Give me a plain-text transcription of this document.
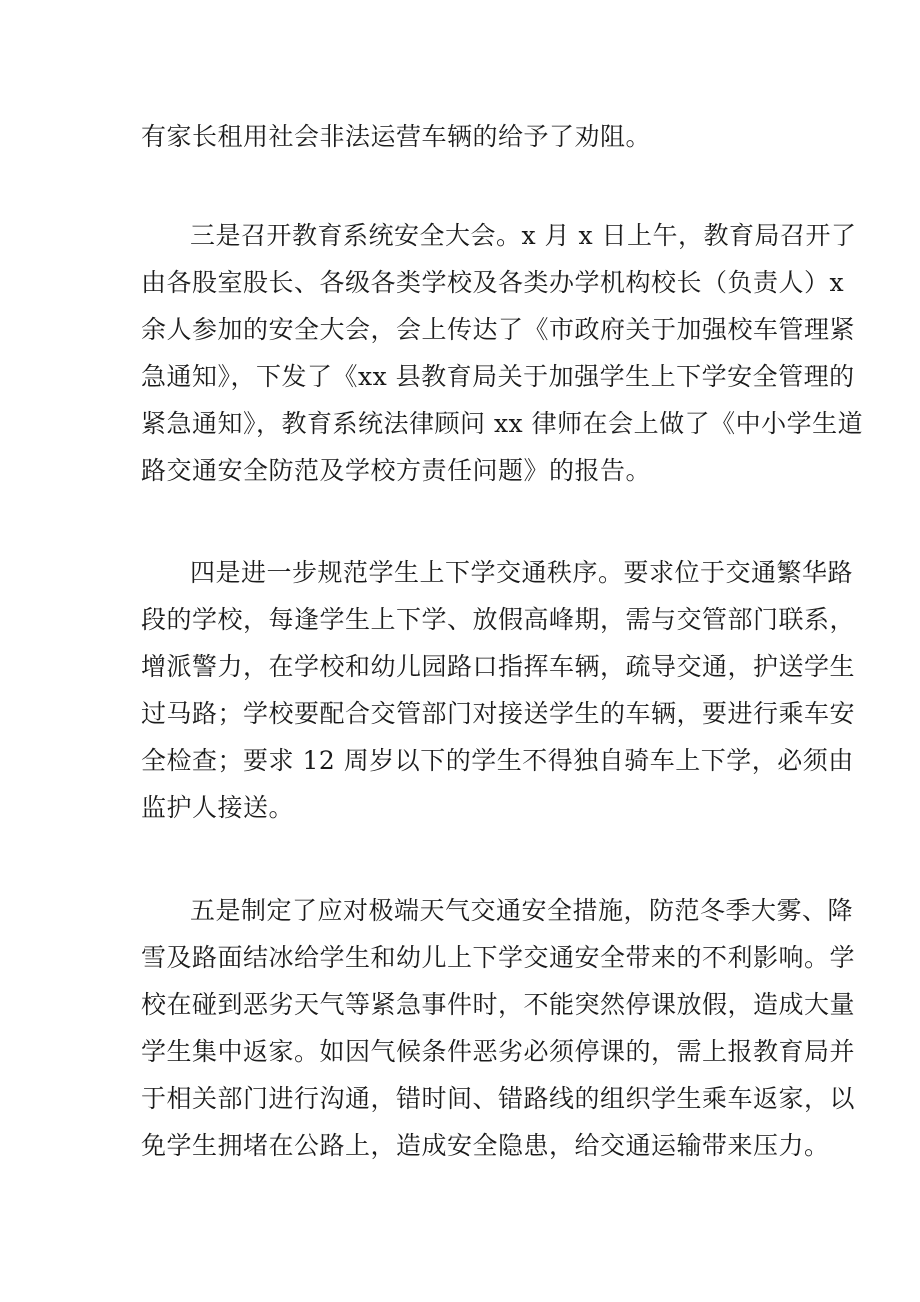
有家长租用社会非法运营车辆的给予了劝阻。
三是召开教育系统安全大会。x 月 x 日上午，教育局召开了
由各股室股长、各级各类学校及各类办学机构校长（负责人）x
余人参加的安全大会，会上传达了《市政府关于加强校车管理紧
急通知》，下发了《xx 县教育局关于加强学生上下学安全管理的
紧急通知》，教育系统法律顾问 xx 律师在会上做了《中小学生道
路交通安全防范及学校方责任问题》的报告。
四是进一步规范学生上下学交通秩序。要求位于交通繁华路
段的学校，每逢学生上下学、放假高峰期，需与交管部门联系，
增派警力，在学校和幼儿园路口指挥车辆，疏导交通，护送学生
过马路；学校要配合交管部门对接送学生的车辆，要进行乘车安
全检查；要求 12 周岁以下的学生不得独自骑车上下学，必须由
监护人接送。
五是制定了应对极端天气交通安全措施，防范冬季大雾、降
雪及路面结冰给学生和幼儿上下学交通安全带来的不利影响。学
校在碰到恶劣天气等紧急事件时，不能突然停课放假，造成大量
学生集中返家。如因气候条件恶劣必须停课的，需上报教育局并
于相关部门进行沟通，错时间、错路线的组织学生乘车返家，以
免学生拥堵在公路上，造成安全隐患，给交通运输带来压力。
